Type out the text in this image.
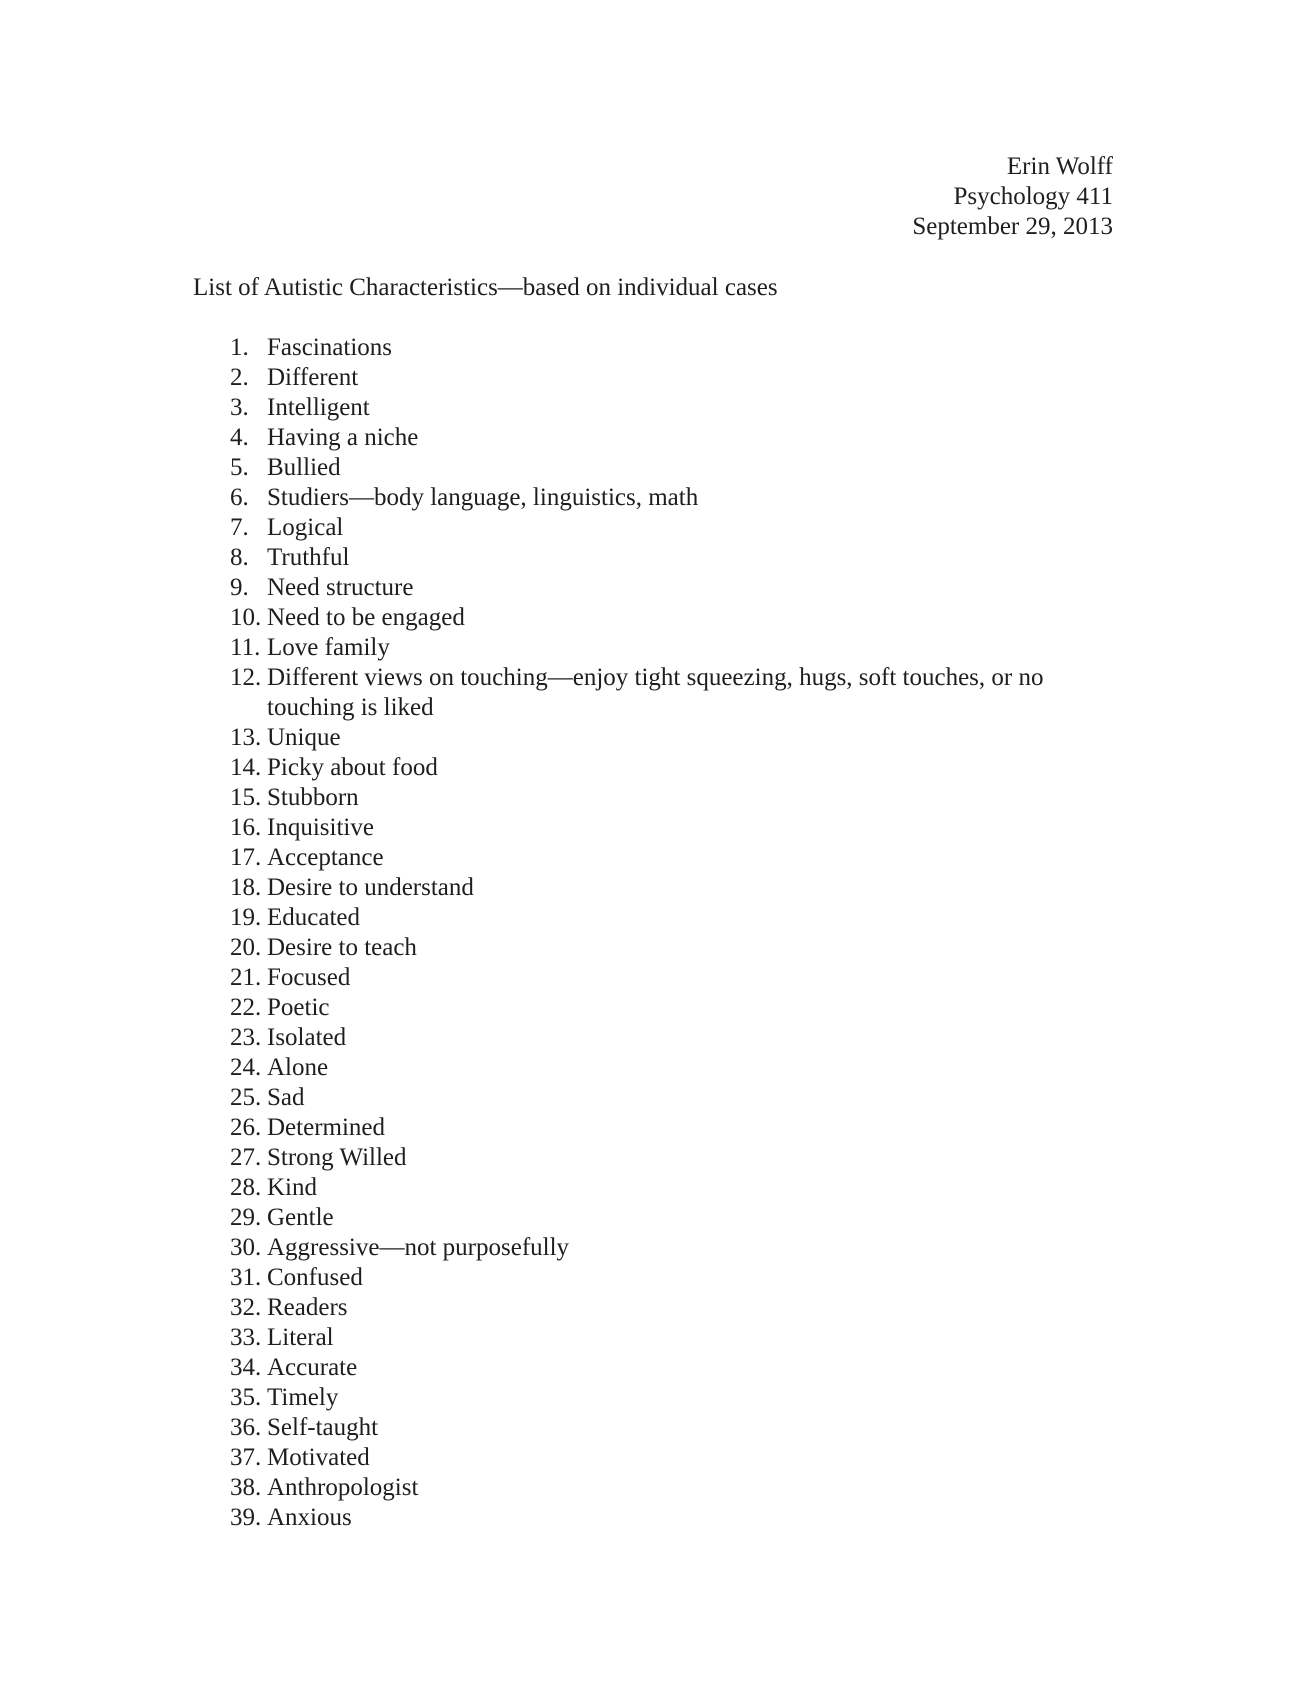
Erin Wolff
Psychology 411
September 29, 2013
List of Autistic Characteristics—based on individual cases
1. Fascinations
2. Different
3. Intelligent
4. Having a niche
5. Bullied
6. Studiers—body language, linguistics, math
7. Logical
8. Truthful
9. Need structure
10. Need to be engaged
11. Love family
12. Different views on touching—enjoy tight squeezing, hugs, soft touches, or no touching is liked
13. Unique
14. Picky about food
15. Stubborn
16. Inquisitive
17. Acceptance
18. Desire to understand
19. Educated
20. Desire to teach
21. Focused
22. Poetic
23. Isolated
24. Alone
25. Sad
26. Determined
27. Strong Willed
28. Kind
29. Gentle
30. Aggressive—not purposefully
31. Confused
32. Readers
33. Literal
34. Accurate
35. Timely
36. Self-taught
37. Motivated
38. Anthropologist
39. Anxious
